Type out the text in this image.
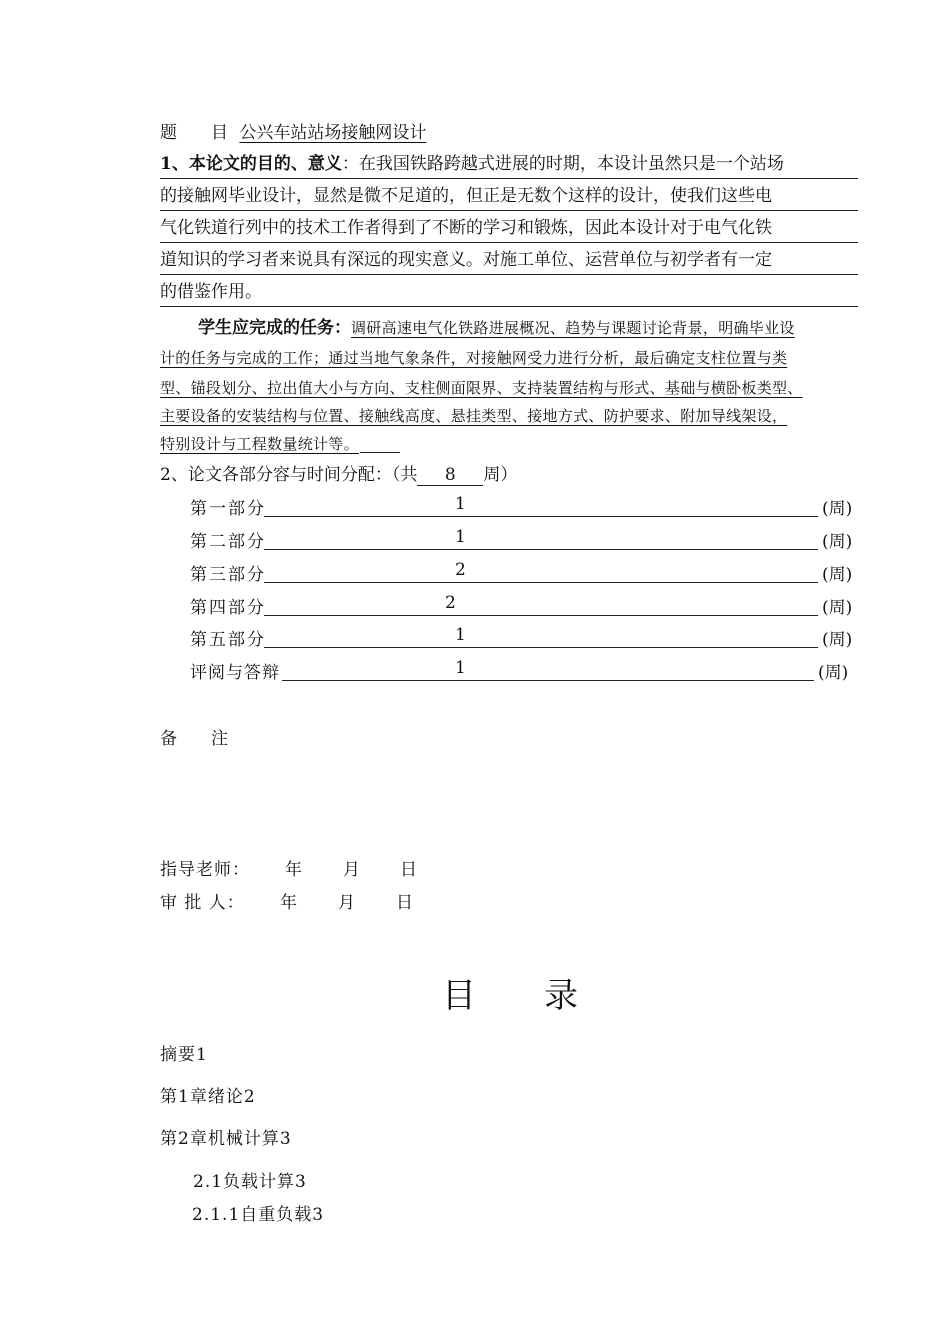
题　　目 公兴车站站场接触网设计
1、本论文的目的、意义：在我国铁路跨越式进展的时期，本设计虽然只是一个站场
的接触网毕业设计，显然是微不足道的，但正是无数个这样的设计，使我们这些电
气化铁道行列中的技术工作者得到了不断的学习和锻炼，因此本设计对于电气化铁
道知识的学习者来说具有深远的现实意义。对施工单位、运营单位与初学者有一定
的借鉴作用。
学生应完成的任务：调研高速电气化铁路进展概况、趋势与课题讨论背景，明确毕业设
计的任务与完成的工作；通过当地气象条件，对接触网受力进行分析，最后确定支柱位置与类
型、锚段划分、拉出值大小与方向、支柱侧面限界、支持装置结构与形式、基础与横卧板类型、
主要设备的安装结构与位置、接触线高度、悬挂类型、接地方式、防护要求、附加导线架设，
特别设计与工程数量统计等。
2、论文各部分容与时间分配：（共 8 周）
第一部分	1	(周)
第二部分	1	(周)
第三部分	2	(周)
第四部分	2	(周)
第五部分	1	(周)
评阅与答辩	1	(周)
备　　注
指导老师： 年 月 日
审 批 人： 年 月 日
目　　录
摘要1
第1章绪论2
第2章机械计算3
2.1负载计算3
2.1.1自重负载3
